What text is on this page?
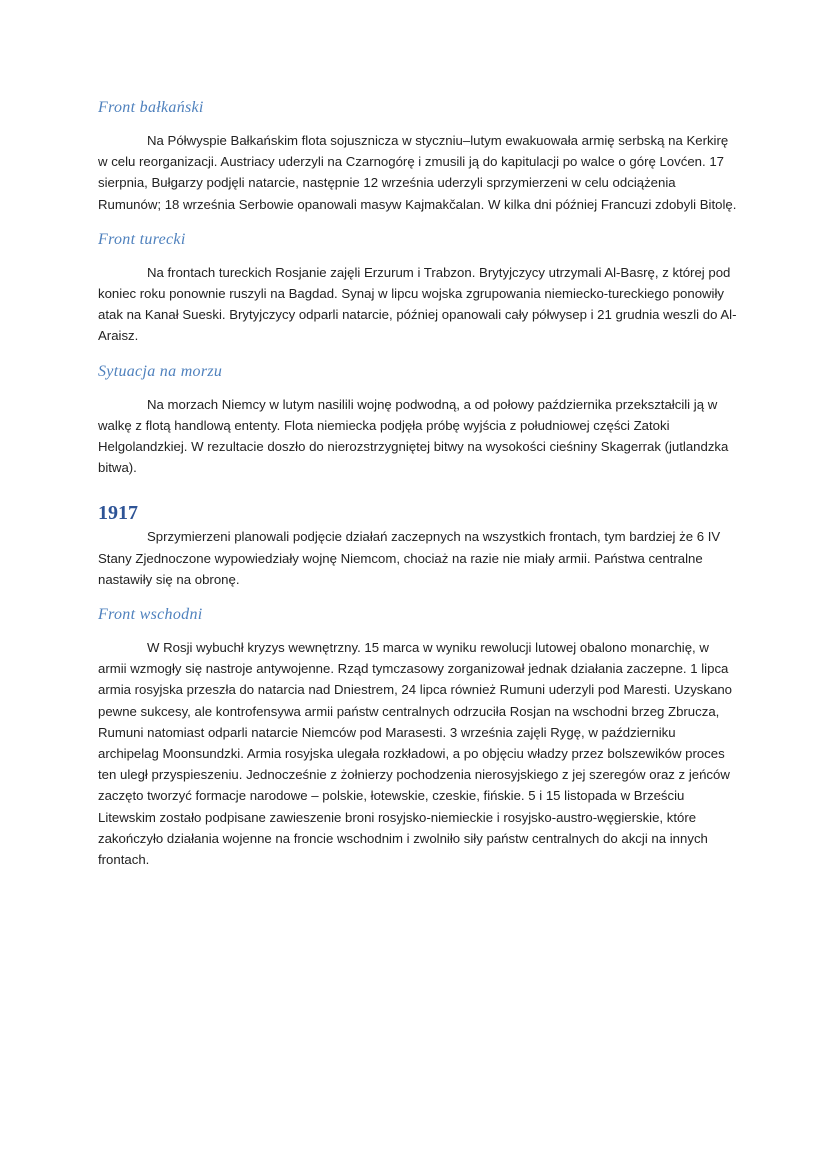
Front bałkański

Na Półwyspie Bałkańskim flota sojusznicza w styczniu–lutym ewakuowała armię serbską na Kerkirę w celu reorganizacji. Austriacy uderzyli na Czarnogórę i zmusili ją do kapitulacji po walce o górę Lovćen. 17 sierpnia, Bułgarzy podjęli natarcie, następnie 12 września uderzyli sprzymierzeni w celu odciążenia Rumunów; 18 września Serbowie opanowali masyw Kajmakčalan. W kilka dni później Francuzi zdobyli Bitolę.

Front turecki

Na frontach tureckich Rosjanie zajęli Erzurum i Trabzon. Brytyjczycy utrzymali Al-Basrę, z której pod koniec roku ponownie ruszyli na Bagdad. Synaj w lipcu wojska zgrupowania niemiecko-tureckiego ponowiły atak na Kanał Sueski. Brytyjczycy odparli natarcie, później opanowali cały półwysep i 21 grudnia weszli do Al-Araisz.

Sytuacja na morzu

Na morzach Niemcy w lutym nasilili wojnę podwodną, a od połowy października przekształcili ją w walkę z flotą handlową ententy. Flota niemiecka podjęła próbę wyjścia z południowej części Zatoki Helgolandzkiej. W rezultacie doszło do nierozstrzygniętej bitwy na wysokości cieśniny Skagerrak (jutlandzka bitwa).

1917

Sprzymierzeni planowali podjęcie działań zaczepnych na wszystkich frontach, tym bardziej że 6 IV Stany Zjednoczone wypowiedziały wojnę Niemcom, chociaż na razie nie miały armii. Państwa centralne nastawiły się na obronę.

Front wschodni

W Rosji wybuchł kryzys wewnętrzny. 15 marca w wyniku rewolucji lutowej obalono monarchię, w armii wzmogły się nastroje antywojenne. Rząd tymczasowy zorganizował jednak działania zaczepne. 1 lipca armia rosyjska przeszła do natarcia nad Dniestrem, 24 lipca również Rumuni uderzyli pod Maresti. Uzyskano pewne sukcesy, ale kontrofensywa armii państw centralnych odrzuciła Rosjan na wschodni brzeg Zbrucza, Rumuni natomiast odparli natarcie Niemców pod Marasesti. 3 września zajęli Rygę, w październiku archipelag Moonsundzki. Armia rosyjska ulegała rozkładowi, a po objęciu władzy przez bolszewików proces ten uległ przyspieszeniu. Jednocześnie z żołnierzy pochodzenia nierosyjskiego z jej szeregów oraz z jeńców zaczęto tworzyć formacje narodowe – polskie, łotewskie, czeskie, fińskie. 5 i 15 listopada w Brześciu Litewskim zostało podpisane zawieszenie broni rosyjsko-niemieckie i rosyjsko-austro-węgierskie, które zakończyło działania wojenne na froncie wschodnim i zwolniło siły państw centralnych do akcji na innych frontach.
